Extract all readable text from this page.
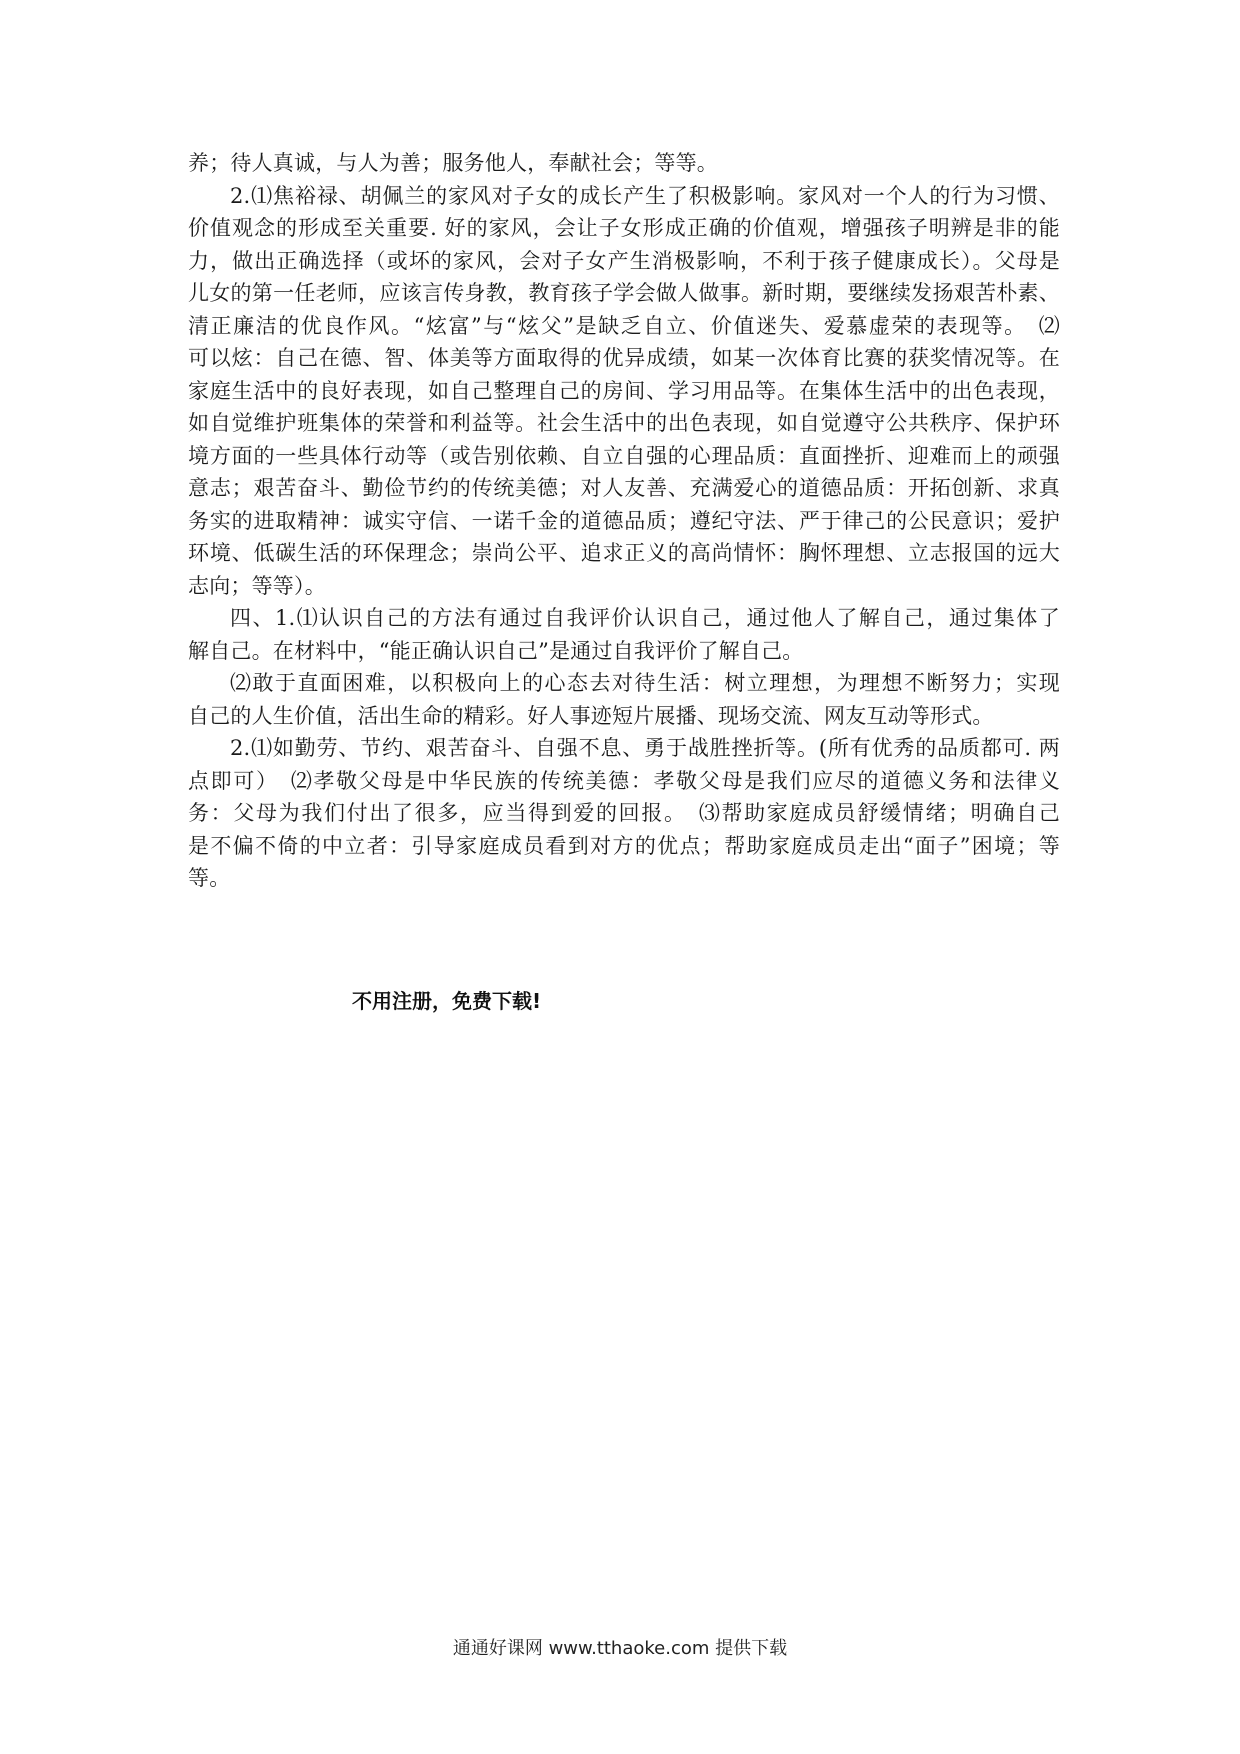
养；待人真诚，与人为善；服务他人，奉献社会；等等。
2.⑴焦裕禄、胡佩兰的家风对子女的成长产生了积极影响。家风对一个人的行为习惯、
价值观念的形成至关重要. 好的家风，会让子女形成正确的价值观，增强孩子明辨是非的能
力，做出正确选择（或坏的家风，会对子女产生消极影响，不利于孩子健康成长）。父母是
儿女的第一任老师，应该言传身教，教育孩子学会做人做事。新时期，要继续发扬艰苦朴素、
清正廉洁的优良作风。“炫富”与“炫父”是缺乏自立、价值迷失、爱慕虚荣的表现等。　⑵
可以炫：自己在德、智、体美等方面取得的优异成绩，如某一次体育比赛的获奖情况等。在
家庭生活中的良好表现，如自己整理自己的房间、学习用品等。在集体生活中的出色表现，
如自觉维护班集体的荣誉和利益等。社会生活中的出色表现，如自觉遵守公共秩序、保护环
境方面的一些具体行动等（或告别依赖、自立自强的心理品质：直面挫折、迎难而上的顽强
意志；艰苦奋斗、勤俭节约的传统美德；对人友善、充满爱心的道德品质：开拓创新、求真
务实的进取精神：诚实守信、一诺千金的道德品质；遵纪守法、严于律己的公民意识；爱护
环境、低碳生活的环保理念；崇尚公平、追求正义的高尚情怀：胸怀理想、立志报国的远大
志向；等等）。
四、1.⑴认识自己的方法有通过自我评价认识自己，通过他人了解自己，通过集体了
解自己。在材料中，“能正确认识自己”是通过自我评价了解自己。
⑵敢于直面困难，以积极向上的心态去对待生活：树立理想，为理想不断努力；实现
自己的人生价值，活出生命的精彩。好人事迹短片展播、现场交流、网友互动等形式。
2.⑴如勤劳、节约、艰苦奋斗、自强不息、勇于战胜挫折等。(所有优秀的品质都可. 两
点即可）　⑵孝敬父母是中华民族的传统美德：孝敬父母是我们应尽的道德义务和法律义
务：父母为我们付出了很多，应当得到爱的回报。　⑶帮助家庭成员舒缓情绪；明确自己
是不偏不倚的中立者：引导家庭成员看到对方的优点；帮助家庭成员走出“面子”困境；等
等。
不用注册，免费下载!
通通好课网 www.tthaoke.com 提供下载
